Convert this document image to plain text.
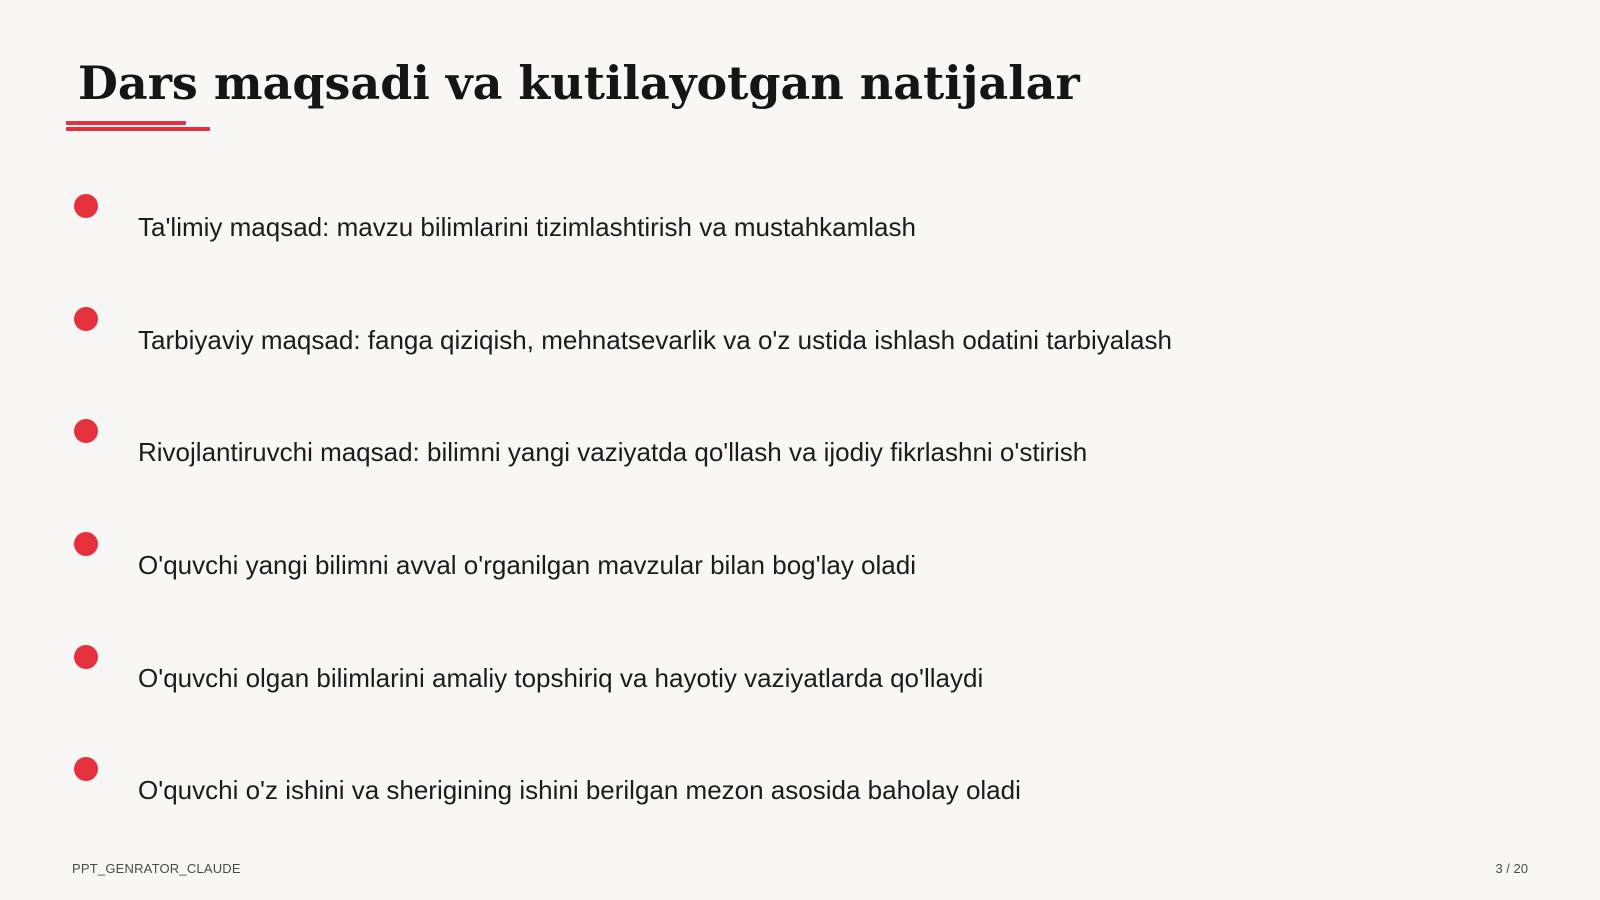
Dars maqsadi va kutilayotgan natijalar
Ta'limiy maqsad: mavzu bilimlarini tizimlashtirish va mustahkamlash
Tarbiyaviy maqsad: fanga qiziqish, mehnatsevarlik va o'z ustida ishlash odatini tarbiyalash
Rivojlantiruvchi maqsad: bilimni yangi vaziyatda qo'llash va ijodiy fikrlashni o'stirish
O'quvchi yangi bilimni avval o'rganilgan mavzular bilan bog'lay oladi
O'quvchi olgan bilimlarini amaliy topshiriq va hayotiy vaziyatlarda qo'llaydi
O'quvchi o'z ishini va sherigining ishini berilgan mezon asosida baholay oladi
PPT_GENRATOR_CLAUDE	3 / 20
